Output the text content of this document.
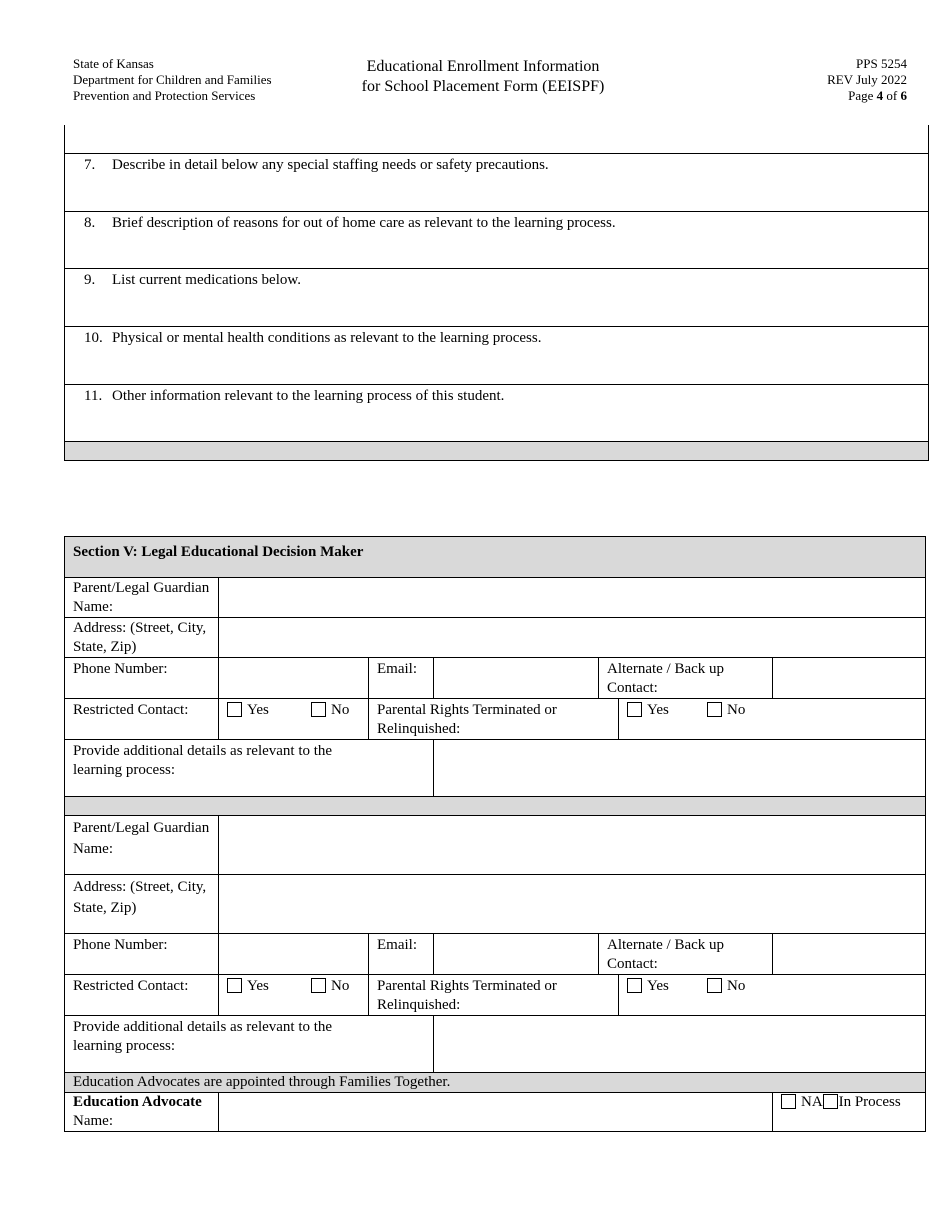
State of Kansas
Department for Children and Families
Prevention and Protection Services
Educational Enrollment Information
for School Placement Form (EEISPF)
PPS 5254
REV July 2022
Page 4 of 6
7. Describe in detail below any special staffing needs or safety precautions.
8. Brief description of reasons for out of home care as relevant to the learning process.
9. List current medications below.
10. Physical or mental health conditions as relevant to the learning process.
11. Other information relevant to the learning process of this student.
Section V: Legal Educational Decision Maker						
Parent/Legal Guardian Name:						
Address: (Street, City, State, Zip)						
Phone Number:		Email:		Alternate / Back up Contact:		
Restricted Contact:	Yes No	Parental Rights Terminated or Relinquished:			Yes No	
Provide additional details as relevant to the learning process:						

Parent/Legal Guardian Name:						
Address: (Street, City, State, Zip)						
Phone Number:		Email:		Alternate / Back up Contact:		
Restricted Contact:	Yes No	Parental Rights Terminated or Relinquished:			Yes No	
Provide additional details as relevant to the learning process:						
Education Advocates are appointed through Families Together.						
Education Advocate Name:						NA In Process
